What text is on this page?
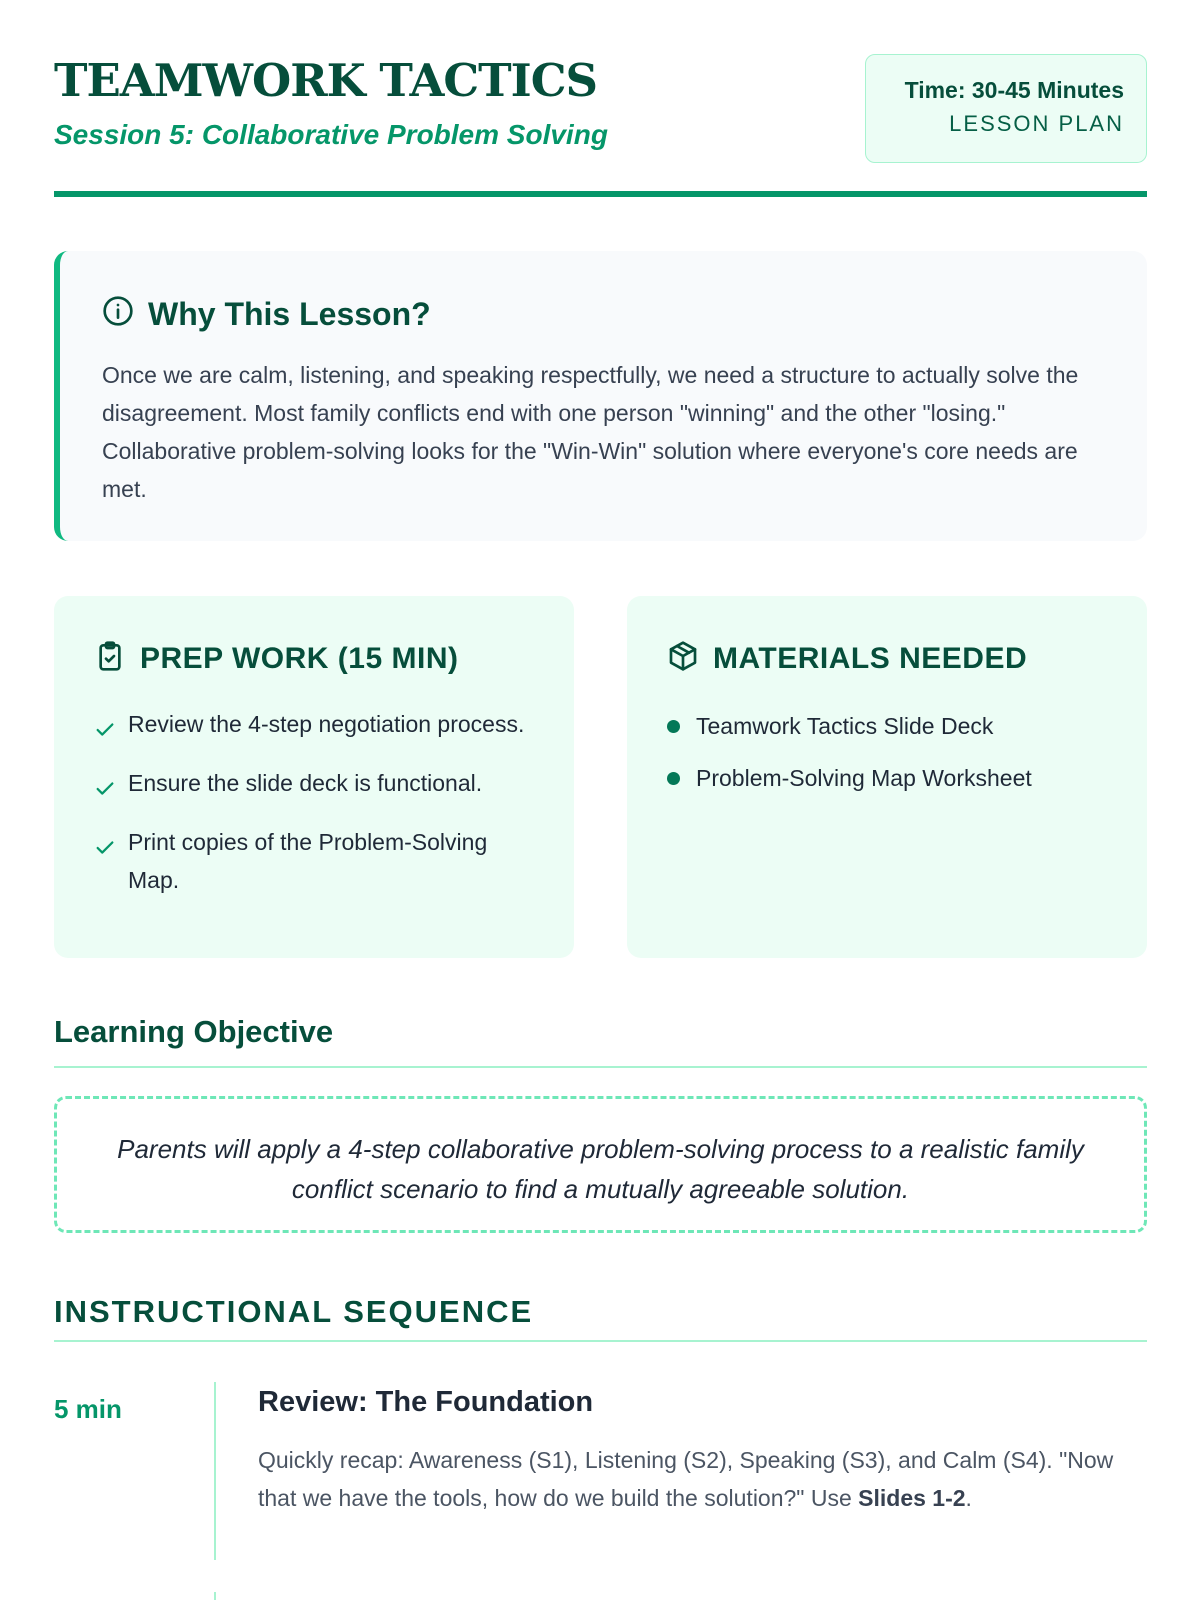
TEAMWORK TACTICS
Session 5: Collaborative Problem Solving
Time: 30-45 Minutes
LESSON PLAN
Why This Lesson?

Once we are calm, listening, and speaking respectfully, we need a structure to actually solve the disagreement. Most family conflicts end with one person "winning" and the other "losing." Collaborative problem-solving looks for the "Win-Win" solution where everyone's core needs are met.

PREP WORK (15 MIN)
Review the 4-step negotiation process.
Ensure the slide deck is functional.
Print copies of the Problem-Solving Map.
MATERIALS NEEDED
Teamwork Tactics Slide Deck
Problem-Solving Map Worksheet
Learning Objective
Parents will apply a 4-step collaborative problem-solving process to a realistic family conflict scenario to find a mutually agreeable solution.
INSTRUCTIONAL SEQUENCE
5 min	Review: The Foundation

Quickly recap: Awareness (S1), Listening (S2), Speaking (S3), and Calm (S4). "Now that we have the tools, how do we build the solution?" Use Slides 1-2.
